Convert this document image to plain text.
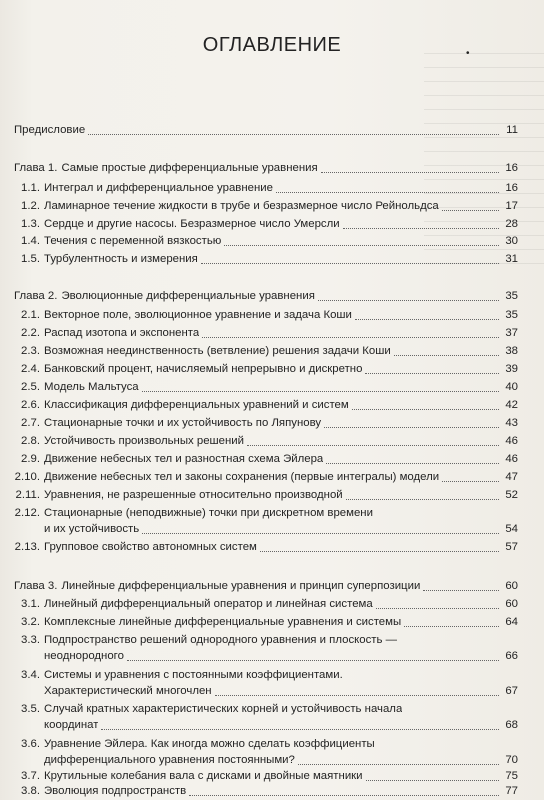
ОГЛАВЛЕНИЕ	•
Предисловие	11
Глава 1. Самые простые дифференциальные уравнения	16
1.1. Интеграл и дифференциальное уравнение	16
1.2. Ламинарное течение жидкости в трубе и безразмерное число Рейнольдса	17
1.3. Сердце и другие насосы. Безразмерное число Умерсли	28
1.4. Течения с переменной вязкостью	30
1.5. Турбулентность и измерения	31
Глава 2. Эволюционные дифференциальные уравнения	35
2.1. Векторное поле, эволюционное уравнение и задача Коши	35
2.2. Распад изотопа и экспонента	37
2.3. Возможная неединственность (ветвление) решения задачи Коши	38
2.4. Банковский процент, начисляемый непрерывно и дискретно	39
2.5. Модель Мальтуса	40
2.6. Классификация дифференциальных уравнений и систем	42
2.7. Стационарные точки и их устойчивость по Ляпунову	43
2.8. Устойчивость произвольных решений	46
2.9. Движение небесных тел и разностная схема Эйлера	46
2.10. Движение небесных тел и законы сохранения (первые интегралы) модели	47
2.11. Уравнения, не разрешенные относительно производной	52
2.12. Стационарные (неподвижные) точки при дискретном времени
и их устойчивость	54
2.13. Групповое свойство автономных систем	57
Глава 3. Линейные дифференциальные уравнения и принцип суперпозиции	60
3.1. Линейный дифференциальный оператор и линейная система	60
3.2. Комплексные линейные дифференциальные уравнения и системы	64
3.3. Подпространство решений однородного уравнения и плоскость —
неоднородного	66
3.4. Системы и уравнения с постоянными коэффициентами.
Характеристический многочлен	67
3.5. Случай кратных характеристических корней и устойчивость начала
координат	68
3.6. Уравнение Эйлера. Как иногда можно сделать коэффициенты
дифференциального уравнения постоянными?	70
3.7. Крутильные колебания вала с дисками и двойные маятники	75
3.8. Эволюция подпространств	77
